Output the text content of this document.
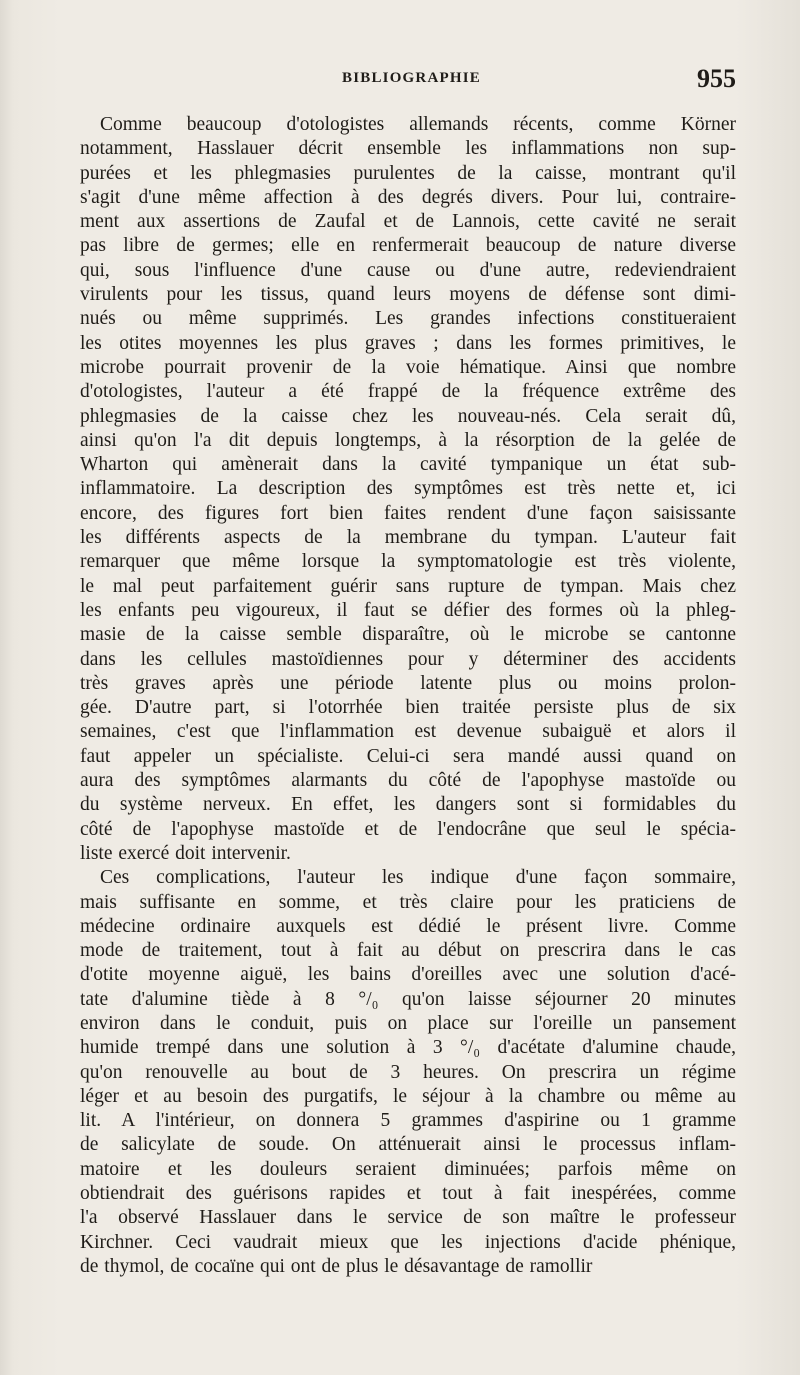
BIBLIOGRAPHIE	955
Comme beaucoup d'otologistes allemands récents, comme Körner
notamment, Hasslauer décrit ensemble les inflammations non sup-
purées et les phlegmasies purulentes de la caisse, montrant qu'il
s'agit d'une même affection à des degrés divers. Pour lui, contraire-
ment aux assertions de Zaufal et de Lannois, cette cavité ne serait
pas libre de germes; elle en renfermerait beaucoup de nature diverse
qui, sous l'influence d'une cause ou d'une autre, redeviendraient
virulents pour les tissus, quand leurs moyens de défense sont dimi-
nués ou même supprimés. Les grandes infections constitueraient
les otites moyennes les plus graves ; dans les formes primitives, le
microbe pourrait provenir de la voie hématique. Ainsi que nombre
d'otologistes, l'auteur a été frappé de la fréquence extrême des
phlegmasies de la caisse chez les nouveau-nés. Cela serait dû,
ainsi qu'on l'a dit depuis longtemps, à la résorption de la gelée de
Wharton qui amènerait dans la cavité tympanique un état sub-
inflammatoire. La description des symptômes est très nette et, ici
encore, des figures fort bien faites rendent d'une façon saisissante
les différents aspects de la membrane du tympan. L'auteur fait
remarquer que même lorsque la symptomatologie est très violente,
le mal peut parfaitement guérir sans rupture de tympan. Mais chez
les enfants peu vigoureux, il faut se défier des formes où la phleg-
masie de la caisse semble disparaître, où le microbe se cantonne
dans les cellules mastoïdiennes pour y déterminer des accidents
très graves après une période latente plus ou moins prolon-
gée. D'autre part, si l'otorrhée bien traitée persiste plus de six
semaines, c'est que l'inflammation est devenue subaiguë et alors il
faut appeler un spécialiste. Celui-ci sera mandé aussi quand on
aura des symptômes alarmants du côté de l'apophyse mastoïde ou
du système nerveux. En effet, les dangers sont si formidables du
côté de l'apophyse mastoïde et de l'endocrâne que seul le spécia-
liste exercé doit intervenir.
Ces complications, l'auteur les indique d'une façon sommaire,
mais suffisante en somme, et très claire pour les praticiens de
médecine ordinaire auxquels est dédié le présent livre. Comme
mode de traitement, tout à fait au début on prescrira dans le cas
d'otite moyenne aiguë, les bains d'oreilles avec une solution d'acé-
tate d'alumine tiède à 8 °/₀ qu'on laisse séjourner 20 minutes
environ dans le conduit, puis on place sur l'oreille un pansement
humide trempé dans une solution à 3 °/₀ d'acétate d'alumine chaude,
qu'on renouvelle au bout de 3 heures. On prescrira un régime
léger et au besoin des purgatifs, le séjour à la chambre ou même au
lit. A l'intérieur, on donnera 5 grammes d'aspirine ou 1 gramme
de salicylate de soude. On atténuerait ainsi le processus inflam-
matoire et les douleurs seraient diminuées; parfois même on
obtiendrait des guérisons rapides et tout à fait inespérées, comme
l'a observé Hasslauer dans le service de son maître le professeur
Kirchner. Ceci vaudrait mieux que les injections d'acide phénique,
de thymol, de cocaïne qui ont de plus le désavantage de ramollir
